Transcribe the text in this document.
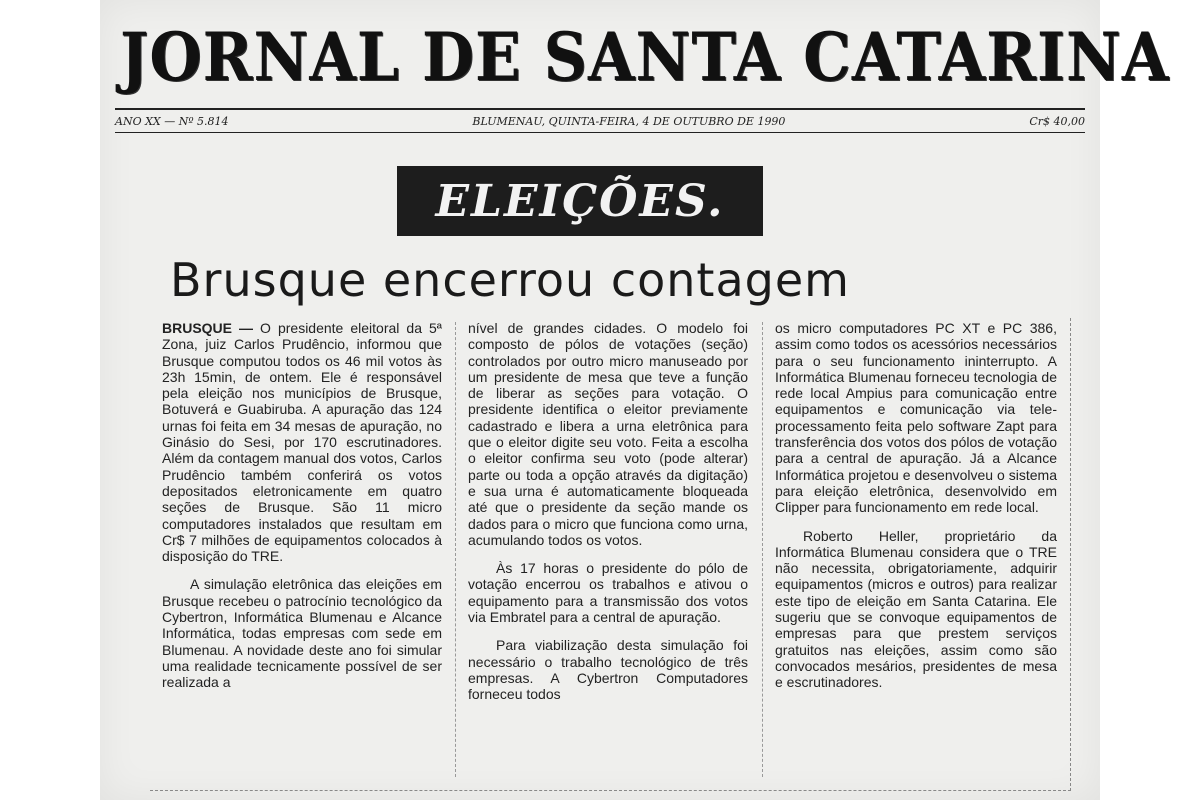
JORNAL DE SANTA CATARINA
ANO XX — Nº 5.814	BLUMENAU, QUINTA-FEIRA, 4 DE OUTUBRO DE 1990	Cr$ 40,00
ELEIÇÕES.
Brusque encerrou contagem

BRUSQUE — O presidente eleitoral da 5ª Zona, juiz Carlos Prudêncio, informou que Brusque computou todos os 46 mil votos às 23h 15min, de ontem. Ele é responsável pela eleição nos municípios de Brusque, Botuverá e Guabiruba. A apuração das 124 urnas foi feita em 34 mesas de apuração, no Ginásio do Sesi, por 170 escrutinadores. Além da contagem manual dos votos, Carlos Prudêncio também conferirá os votos depositados eletronicamente em quatro seções de Brusque. São 11 micro computadores instalados que resultam em Cr$ 7 milhões de equipamentos colocados à disposição do TRE.

A simulação eletrônica das eleições em Brusque recebeu o patrocínio tecnológico da Cybertron, Informática Blumenau e Alcance Informática, todas empresas com sede em Blumenau. A novidade deste ano foi simular uma realidade tecnicamente possível de ser realizada a

nível de grandes cidades. O modelo foi composto de pólos de votações (seção) controlados por outro micro manuseado por um presidente de mesa que teve a função de liberar as seções para votação. O presidente identifica o eleitor previamente cadastrado e libera a urna eletrônica para que o eleitor digite seu voto. Feita a escolha o eleitor confirma seu voto (pode alterar) parte ou toda a opção através da digitação) e sua urna é automaticamente bloqueada até que o presidente da seção mande os dados para o micro que funciona como urna, acumulando todos os votos.

Às 17 horas o presidente do pólo de votação encerrou os trabalhos e ativou o equipamento para a transmissão dos votos via Embratel para a central de apuração.

Para viabilização desta simulação foi necessário o trabalho tecnológico de três empresas. A Cybertron Computadores forneceu todos

os micro computadores PC XT e PC 386, assim como todos os acessórios necessários para o seu funcionamento ininterrupto. A Informática Blumenau forneceu tecnologia de rede local Ampius para comunicação entre equipamentos e comunicação via tele-processamento feita pelo software Zapt para transferência dos votos dos pólos de votação para a central de apuração. Já a Alcance Informática projetou e desenvolveu o sistema para eleição eletrônica, desenvolvido em Clipper para funcionamento em rede local.

Roberto Heller, proprietário da Informática Blumenau considera que o TRE não necessita, obrigatoriamente, adquirir equipamentos (micros e outros) para realizar este tipo de eleição em Santa Catarina. Ele sugeriu que se convoque equipamentos de empresas para que prestem serviços gratuitos nas eleições, assim como são convocados mesários, presidentes de mesa e escrutinadores.
